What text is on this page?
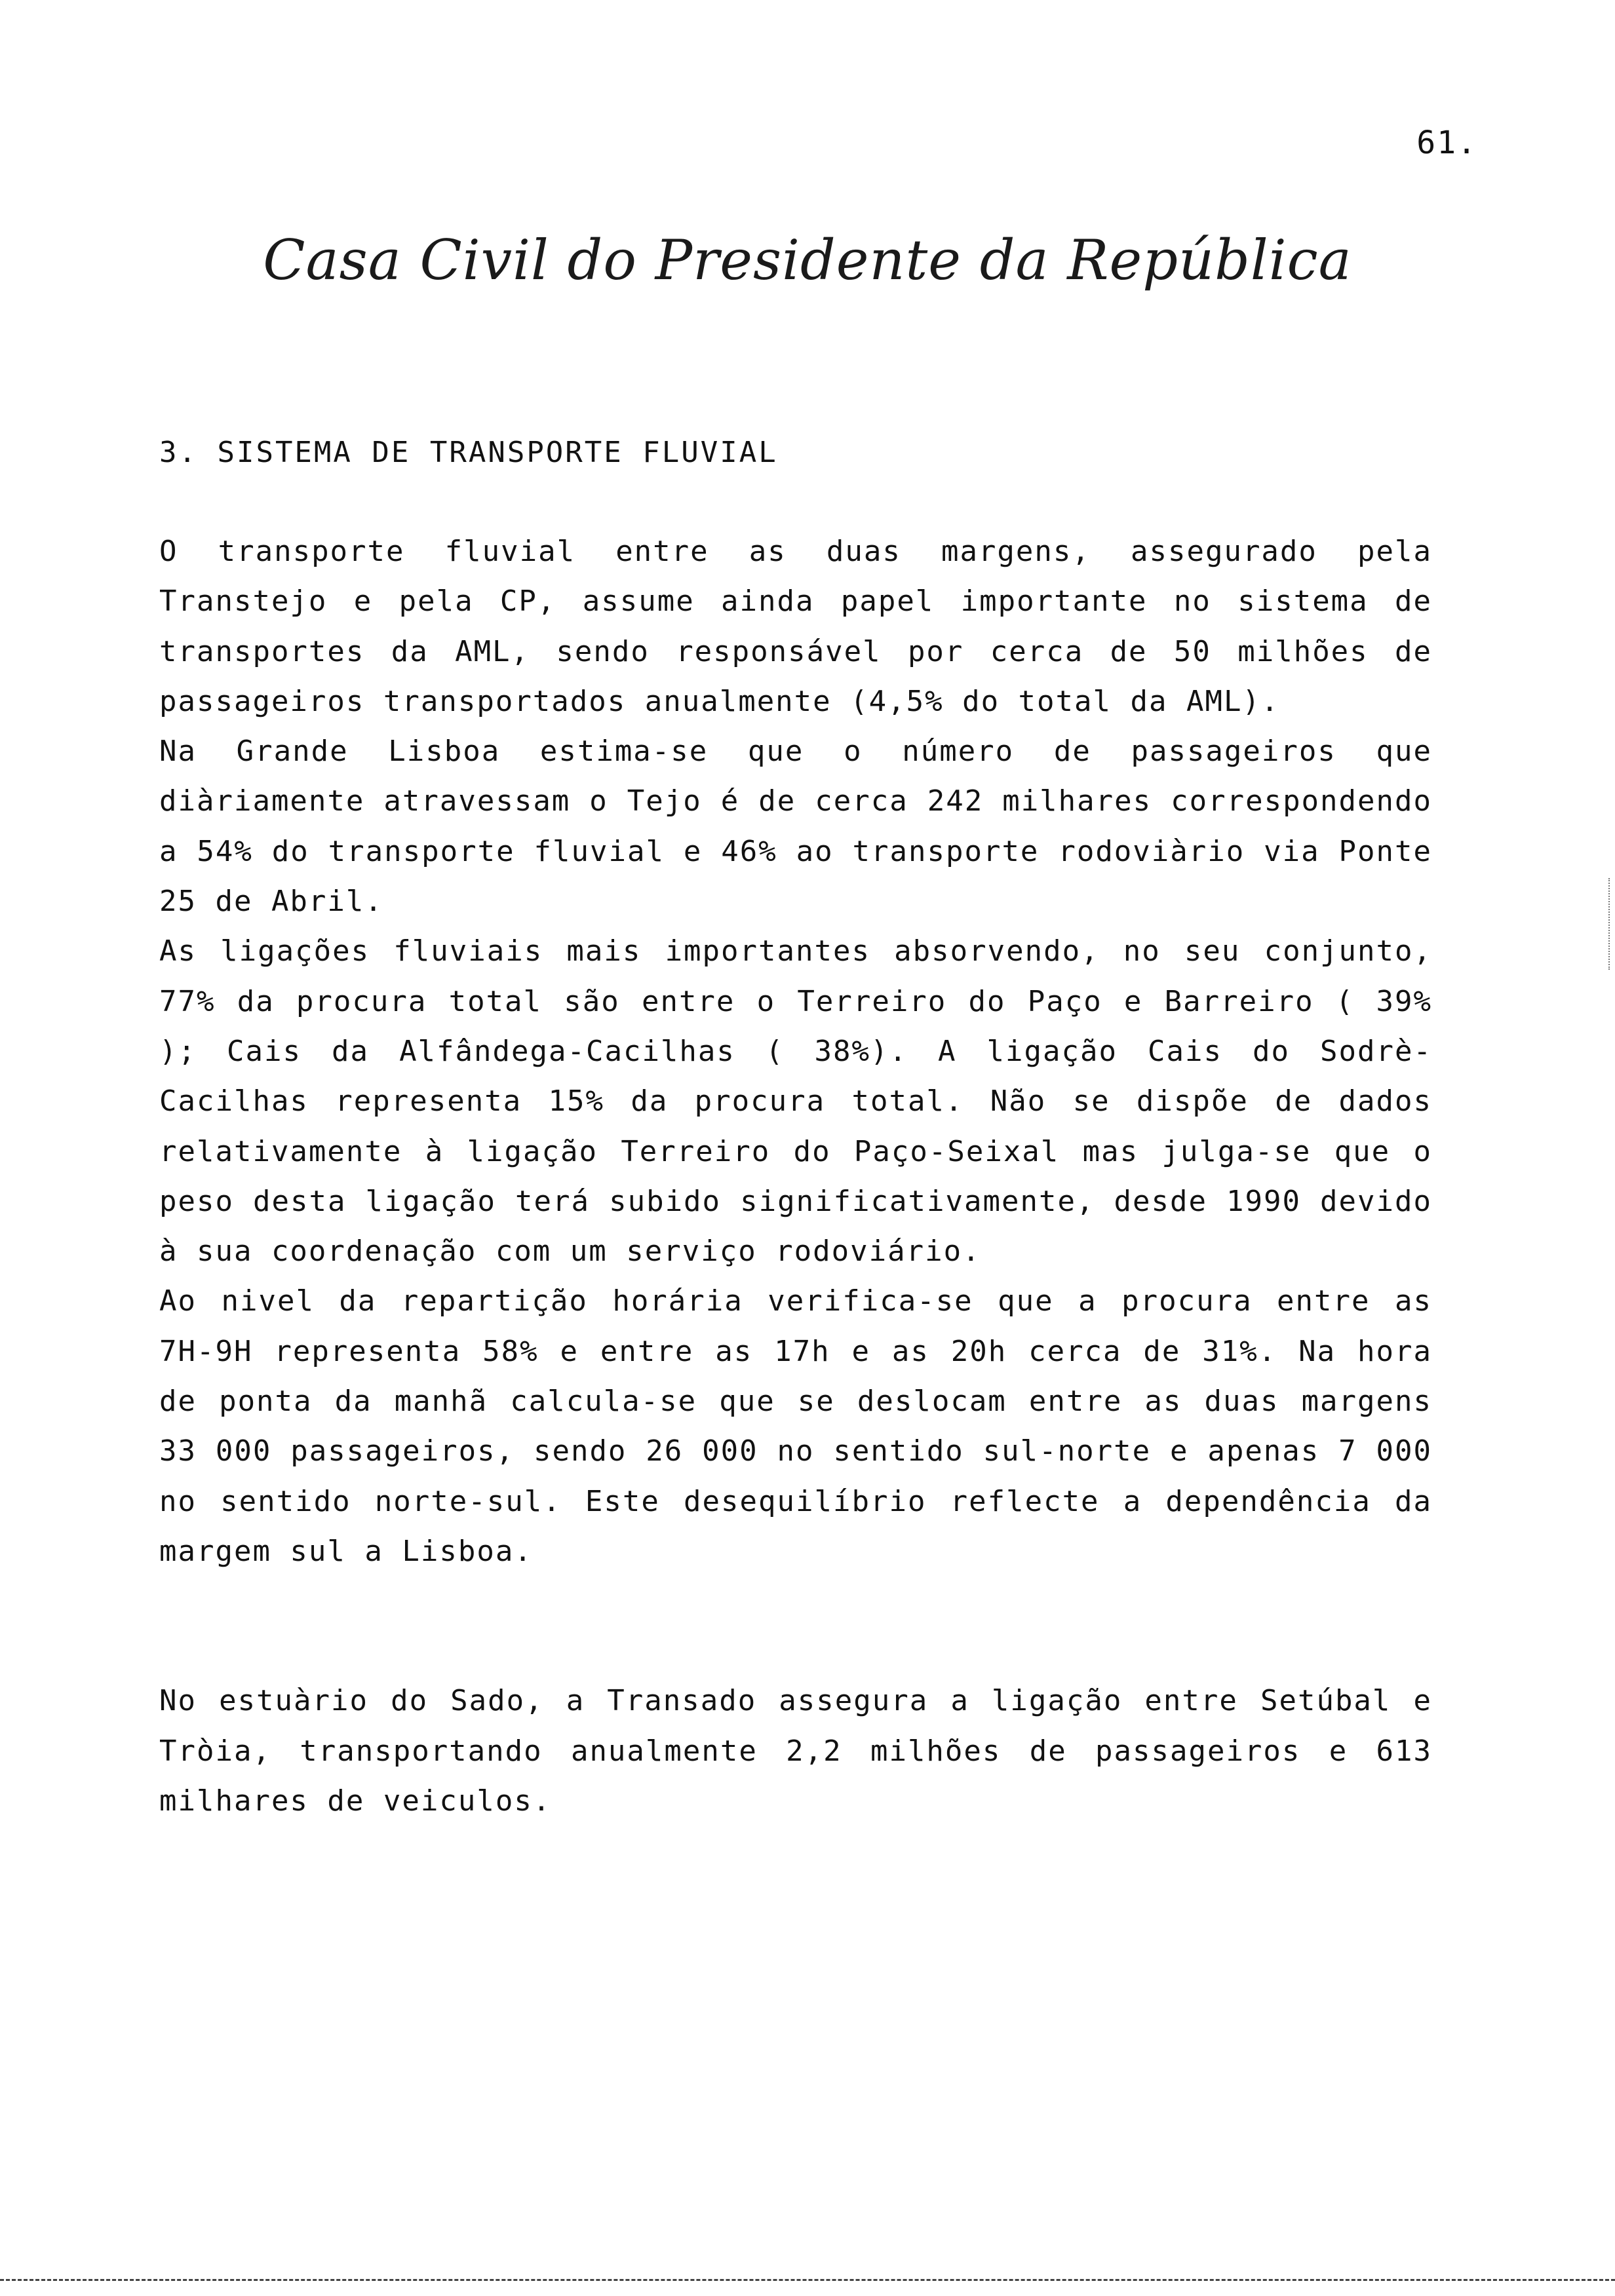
61.
Casa Civil do Presidente da República
3. SISTEMA DE TRANSPORTE FLUVIAL

O transporte fluvial entre as duas margens, assegurado pela Transtejo e pela CP, assume ainda papel importante no sistema de transportes da AML, sendo responsável por cerca de 50 milhões de passageiros transportados anualmente (4,5% do total da AML).

Na Grande Lisboa estima-se que o número de passageiros que diàriamente atravessam o Tejo é de cerca 242 milhares correspondendo a 54% do transporte fluvial e 46% ao transporte rodoviàrio via Ponte 25 de Abril.

As ligações fluviais mais importantes absorvendo, no seu conjunto, 77% da procura total são entre o Terreiro do Paço e Barreiro ( 39% ); Cais da Alfândega-Cacilhas ( 38%). A ligação Cais do Sodrè-Cacilhas representa 15% da procura total. Não se dispõe de dados relativamente à ligação Terreiro do Paço-Seixal mas julga-se que o peso desta ligação terá subido significativamente, desde 1990 devido à sua coordenação com um serviço rodoviário.

Ao nivel da repartição horária verifica-se que a procura entre as 7H-9H representa 58% e entre as 17h e as 20h cerca de 31%. Na hora de ponta da manhã calcula-se que se deslocam entre as duas margens 33 000 passageiros, sendo 26 000 no sentido sul-norte e apenas 7 000 no sentido norte-sul. Este desequilíbrio reflecte a dependência da margem sul a Lisboa.

No estuàrio do Sado, a Transado assegura a ligação entre Setúbal e Tròia, transportando anualmente 2,2 milhões de passageiros e 613 milhares de veiculos.
